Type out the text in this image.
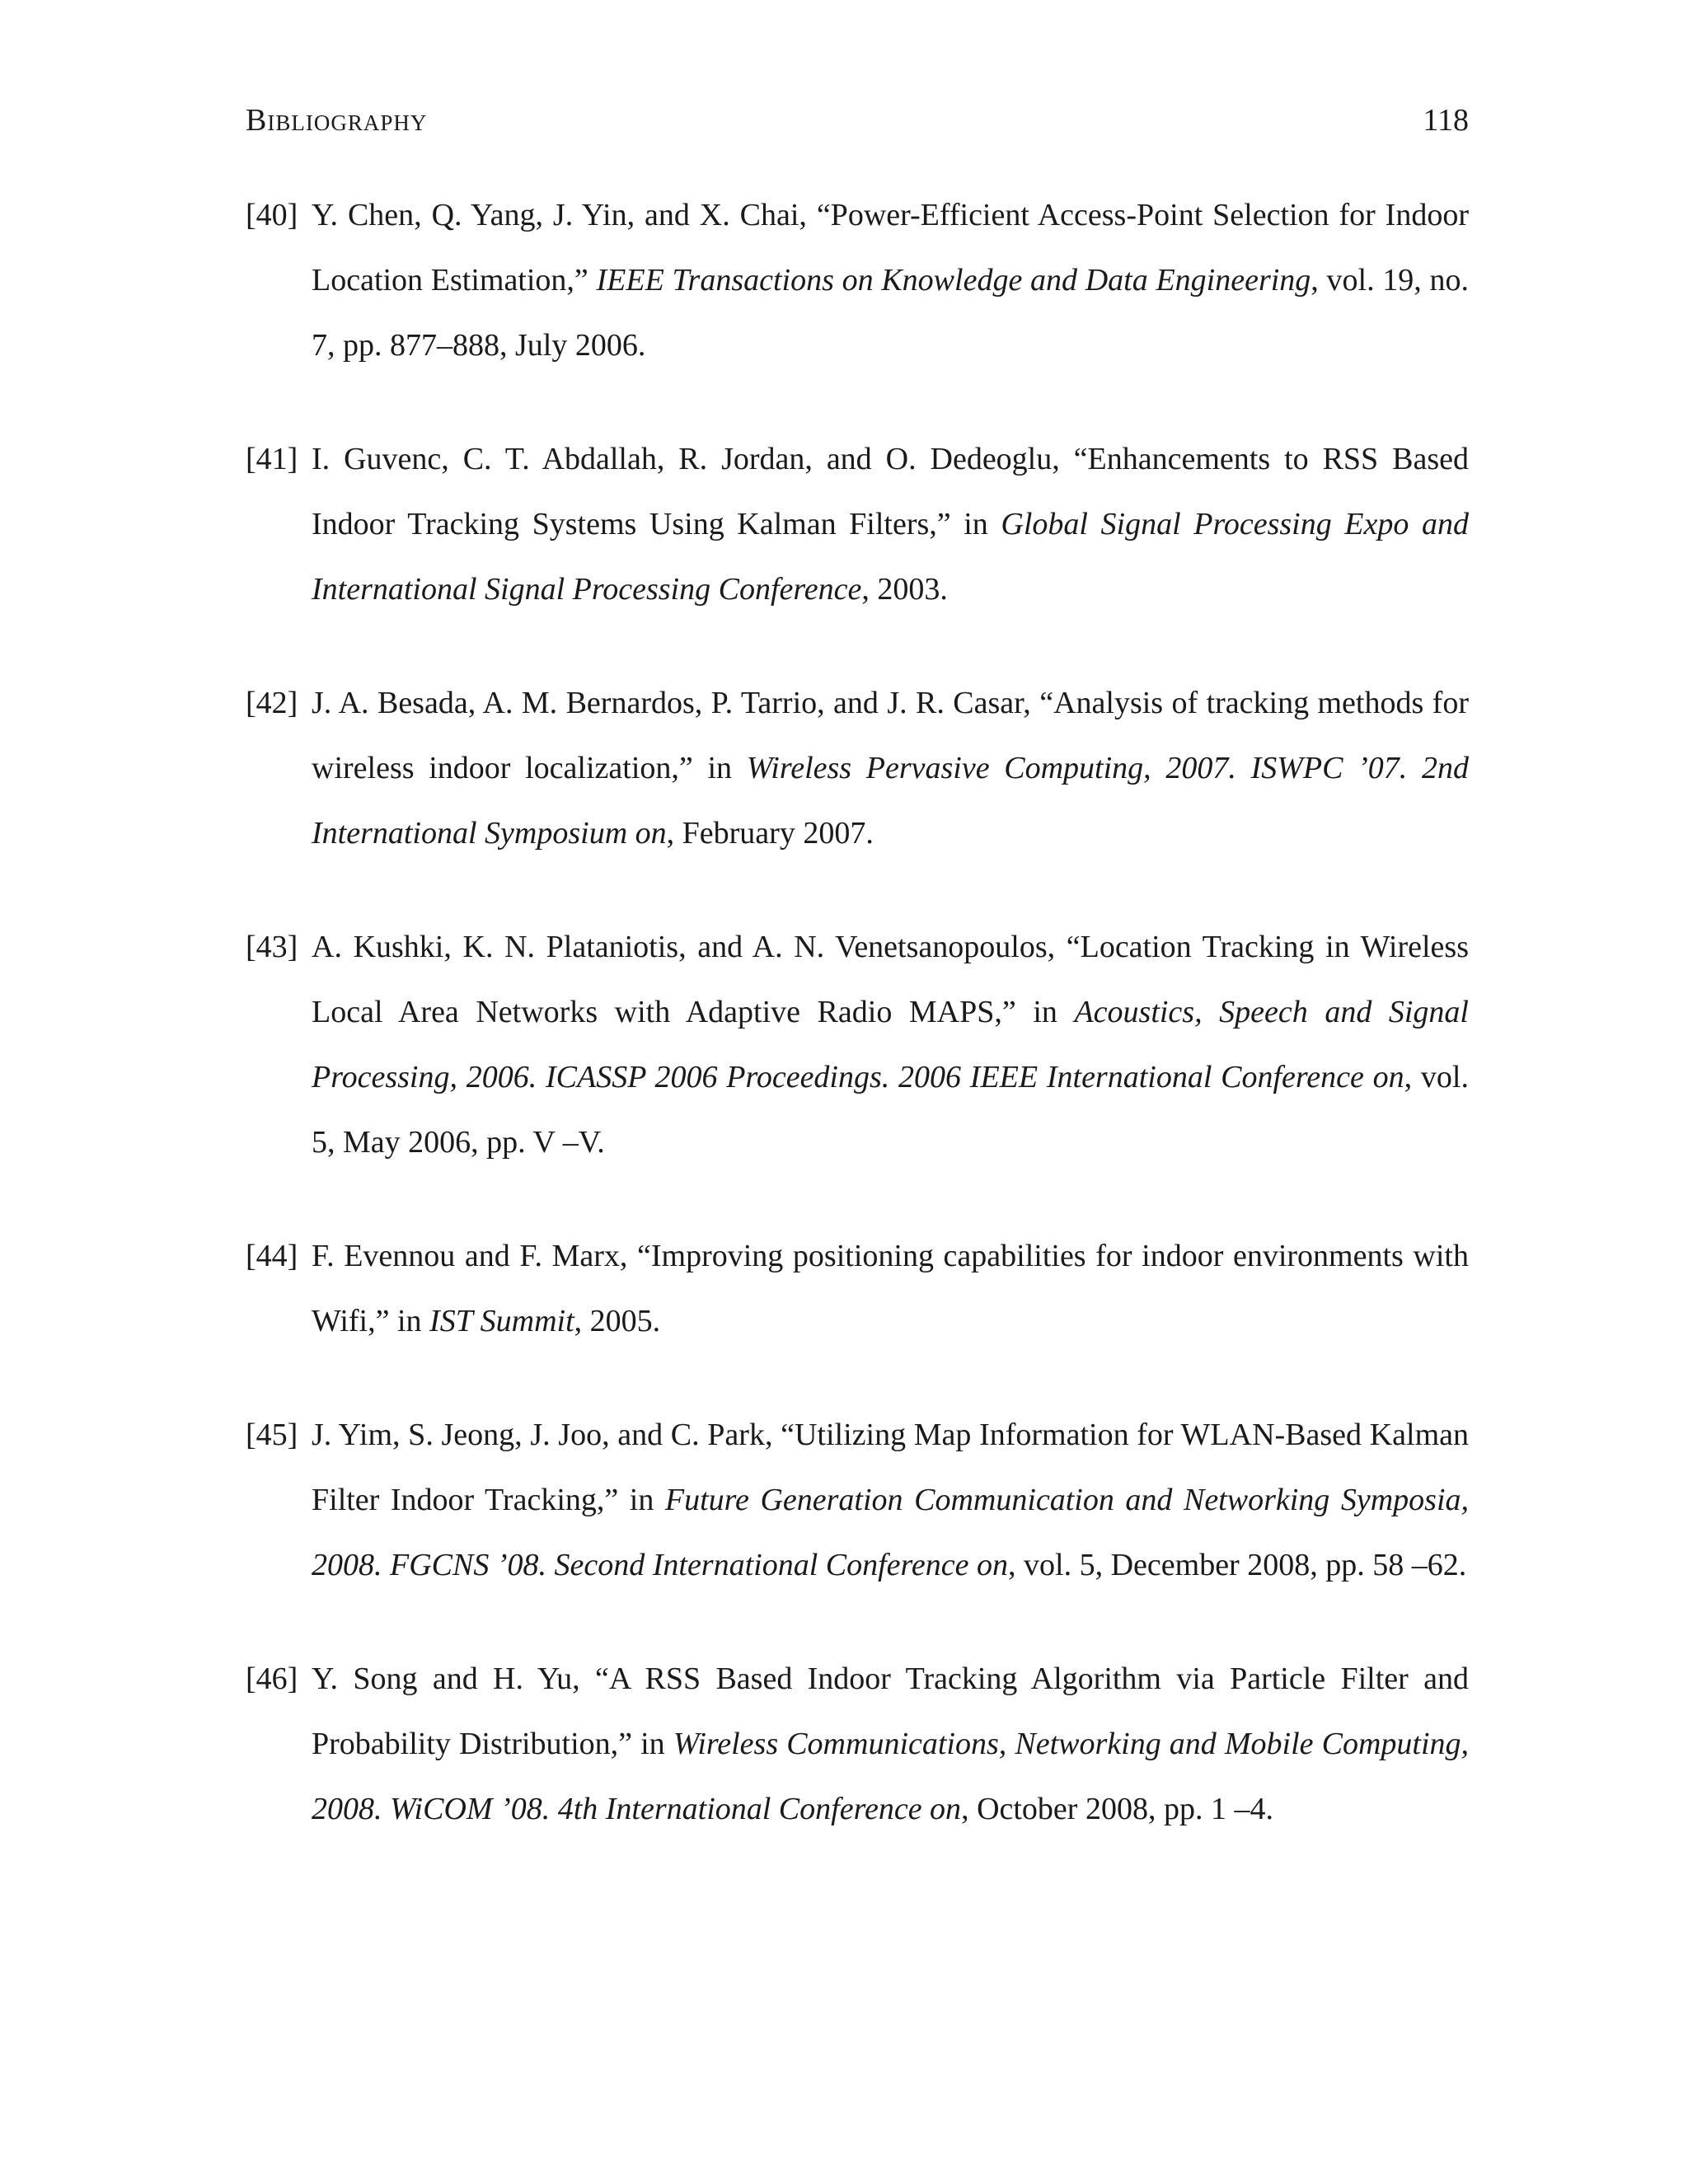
Bibliography	118
[40] Y. Chen, Q. Yang, J. Yin, and X. Chai, “Power-Efficient Access-Point Selection for Indoor Location Estimation,” IEEE Transactions on Knowledge and Data Engineering, vol. 19, no. 7, pp. 877–888, July 2006.
[41] I. Guvenc, C. T. Abdallah, R. Jordan, and O. Dedeoglu, “Enhancements to RSS Based Indoor Tracking Systems Using Kalman Filters,” in Global Signal Processing Expo and International Signal Processing Conference, 2003.
[42] J. A. Besada, A. M. Bernardos, P. Tarrio, and J. R. Casar, “Analysis of tracking methods for wireless indoor localization,” in Wireless Pervasive Computing, 2007. ISWPC ’07. 2nd International Symposium on, February 2007.
[43] A. Kushki, K. N. Plataniotis, and A. N. Venetsanopoulos, “Location Tracking in Wireless Local Area Networks with Adaptive Radio MAPS,” in Acoustics, Speech and Signal Processing, 2006. ICASSP 2006 Proceedings. 2006 IEEE International Conference on, vol. 5, May 2006, pp. V –V.
[44] F. Evennou and F. Marx, “Improving positioning capabilities for indoor environments with Wifi,” in IST Summit, 2005.
[45] J. Yim, S. Jeong, J. Joo, and C. Park, “Utilizing Map Information for WLAN-Based Kalman Filter Indoor Tracking,” in Future Generation Communication and Networking Symposia, 2008. FGCNS ’08. Second International Conference on, vol. 5, December 2008, pp. 58 –62.
[46] Y. Song and H. Yu, “A RSS Based Indoor Tracking Algorithm via Particle Filter and Probability Distribution,” in Wireless Communications, Networking and Mobile Computing, 2008. WiCOM ’08. 4th International Conference on, October 2008, pp. 1 –4.
